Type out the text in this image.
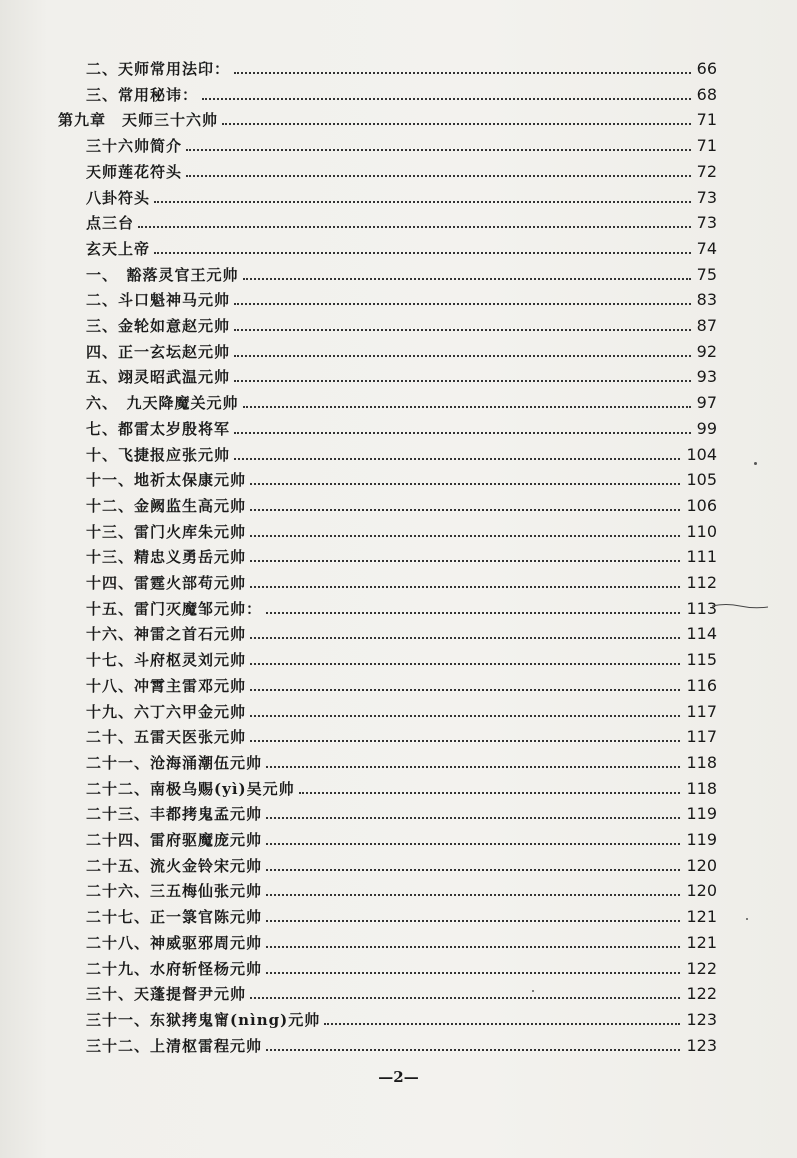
二、天师常用法印：	66
三、常用秘讳：	68
第九章　天师三十六帅	71
三十六帅简介	71
天师莲花符头	72
八卦符头	73
点三台	73
玄天上帝	74
一、　豁落灵官王元帅	75
二、斗口魁神马元帅	83
三、金轮如意赵元帅	87
四、正一玄坛赵元帅	92
五、翊灵昭武温元帅	93
六、　九天降魔关元帅	97
七、都雷太岁殷将军	99
十、飞捷报应张元帅	104
十一、地祈太保康元帅	105
十二、金阙监生高元帅	106
十三、雷门火库朱元帅	110
十三、精忠义勇岳元帅	111
十四、雷霆火部苟元帅	112
十五、雷门灭魔邹元帅：	113
十六、神雷之首石元帅	114
十七、斗府枢灵刘元帅	115
十八、冲霄主雷邓元帅	116
十九、六丁六甲金元帅	117
二十、五雷天医张元帅	117
二十一、沧海涌潮伍元帅	118
二十二、南极乌赐(yì)吴元帅	118
二十三、丰都拷鬼孟元帅	119
二十四、雷府驱魔庞元帅	119
二十五、流火金铃宋元帅	120
二十六、三五梅仙张元帅	120
二十七、正一箓官陈元帅	121
二十八、神威驱邪周元帅	121
二十九、水府斩怪杨元帅	122
三十、天蓬提督尹元帅	122
三十一、东狱拷鬼甯(nìng)元帅	123
三十二、上清枢雷程元帅	123
—2—
